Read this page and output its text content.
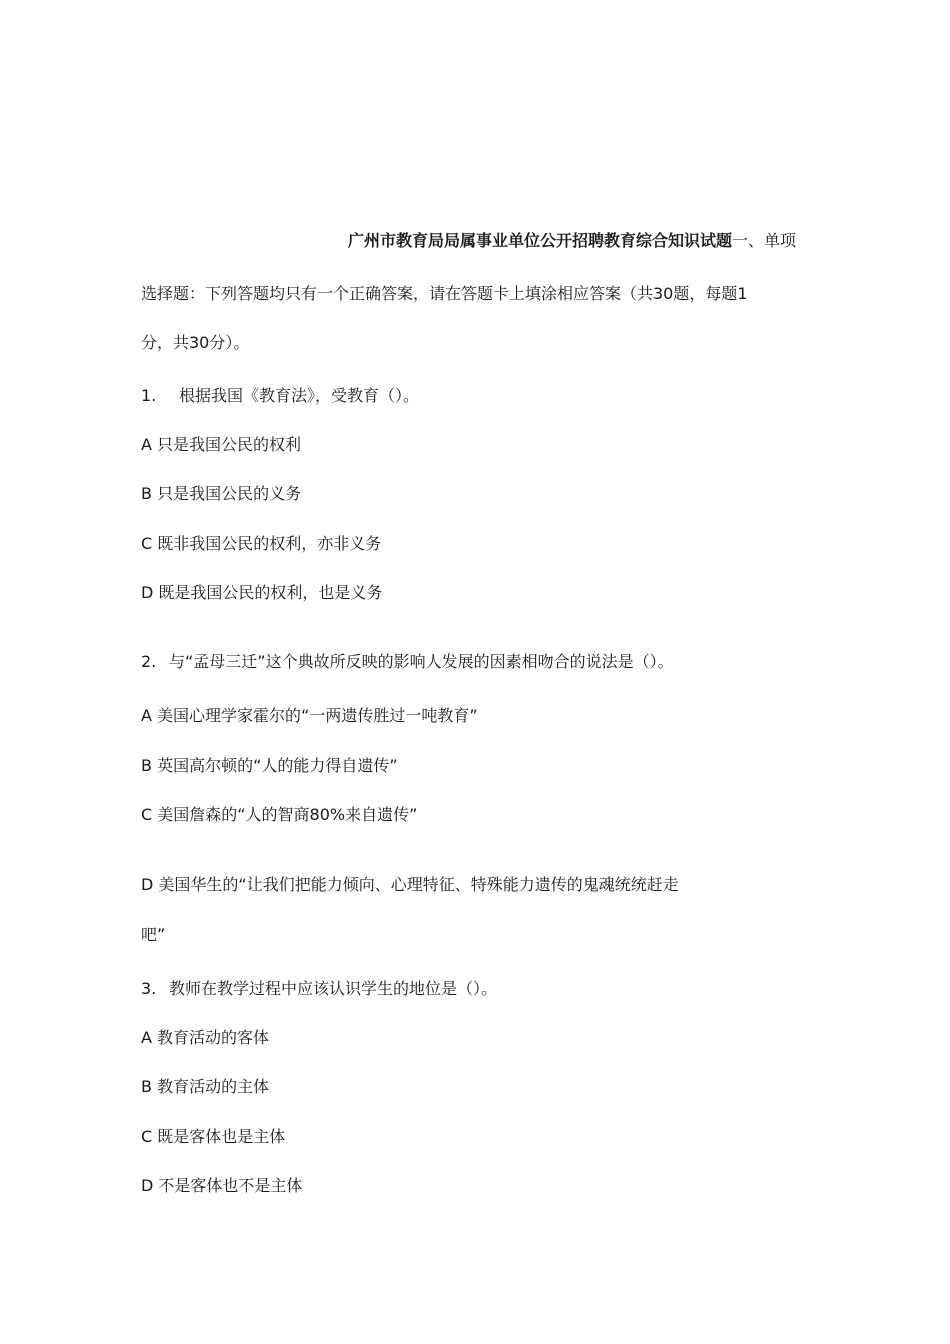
广州市教育局局属事业单位公开招聘教育综合知识试题一、单项
选择题：下列答题均只有一个正确答案，请在答题卡上填涂相应答案（共30题，每题1
分，共30分）。
1. 根据我国《教育法》，受教育（）。
A 只是我国公民的权利
B 只是我国公民的义务
C 既非我国公民的权利，亦非义务
D 既是我国公民的权利，也是义务
2. 与“孟母三迁”这个典故所反映的影响人发展的因素相吻合的说法是（）。
A 美国心理学家霍尔的“一两遗传胜过一吨教育”
B 英国高尔顿的“人的能力得自遗传”
C 美国詹森的“人的智商80%来自遗传”
D 美国华生的“让我们把能力倾向、心理特征、特殊能力遗传的鬼魂统统赶走
吧”
3. 教师在教学过程中应该认识学生的地位是（）。
A 教育活动的客体
B 教育活动的主体
C 既是客体也是主体
D 不是客体也不是主体
